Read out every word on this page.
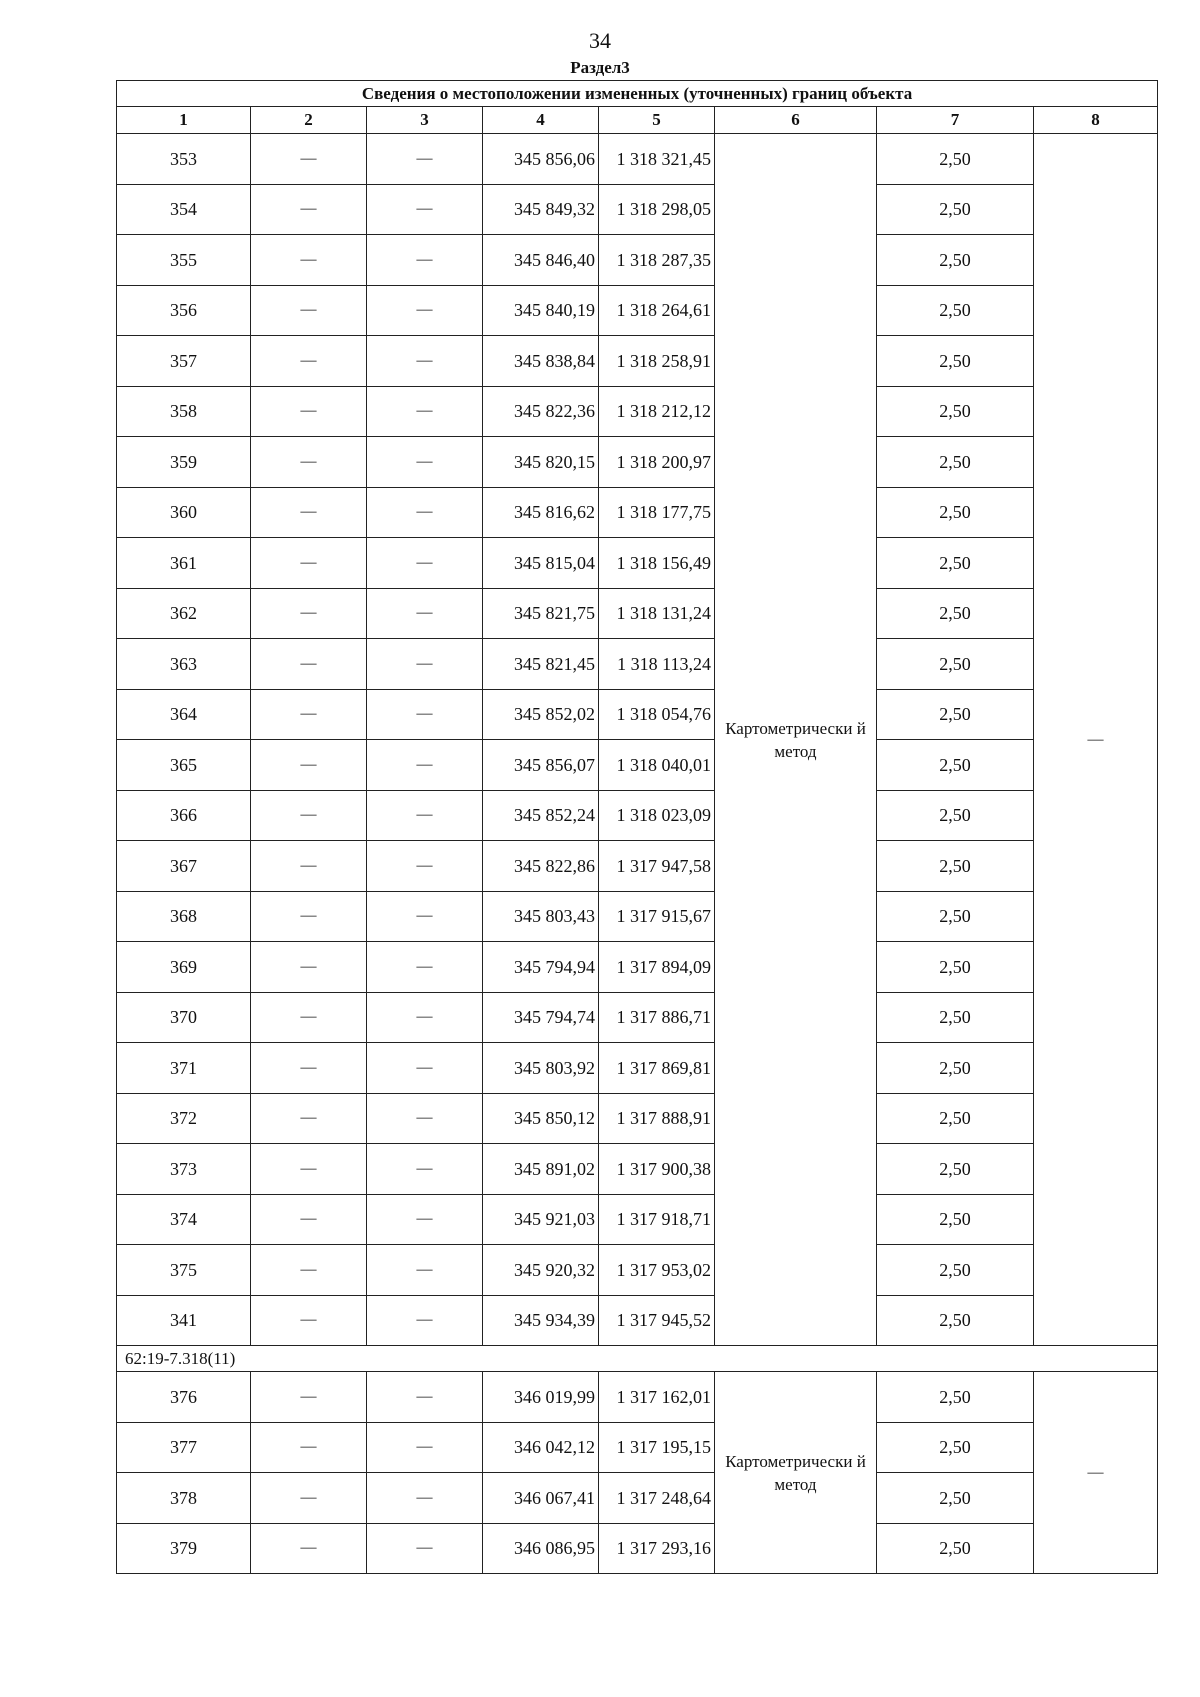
34
Раздел3
Сведения о местоположении измененных (уточненных) границ объекта							
1	2	3	4	5	6	7	8
353	—	—	345 856,06	1 318 321,45	Картометрически й метод	2,50	—
354	—	—	345 849,32	1 318 298,05		2,50	
355	—	—	345 846,40	1 318 287,35		2,50	
356	—	—	345 840,19	1 318 264,61		2,50	
357	—	—	345 838,84	1 318 258,91		2,50	
358	—	—	345 822,36	1 318 212,12		2,50	
359	—	—	345 820,15	1 318 200,97		2,50	
360	—	—	345 816,62	1 318 177,75		2,50	
361	—	—	345 815,04	1 318 156,49		2,50	
362	—	—	345 821,75	1 318 131,24		2,50	
363	—	—	345 821,45	1 318 113,24		2,50	
364	—	—	345 852,02	1 318 054,76		2,50	
365	—	—	345 856,07	1 318 040,01		2,50	
366	—	—	345 852,24	1 318 023,09		2,50	
367	—	—	345 822,86	1 317 947,58		2,50	
368	—	—	345 803,43	1 317 915,67		2,50	
369	—	—	345 794,94	1 317 894,09		2,50	
370	—	—	345 794,74	1 317 886,71		2,50	
371	—	—	345 803,92	1 317 869,81		2,50	
372	—	—	345 850,12	1 317 888,91		2,50	
373	—	—	345 891,02	1 317 900,38		2,50	
374	—	—	345 921,03	1 317 918,71		2,50	
375	—	—	345 920,32	1 317 953,02		2,50	
341	—	—	345 934,39	1 317 945,52		2,50	
62:19-7.318(11)							
376	—	—	346 019,99	1 317 162,01	Картометрически й метод	2,50	—
377	—	—	346 042,12	1 317 195,15		2,50	
378	—	—	346 067,41	1 317 248,64		2,50	
379	—	—	346 086,95	1 317 293,16		2,50	
